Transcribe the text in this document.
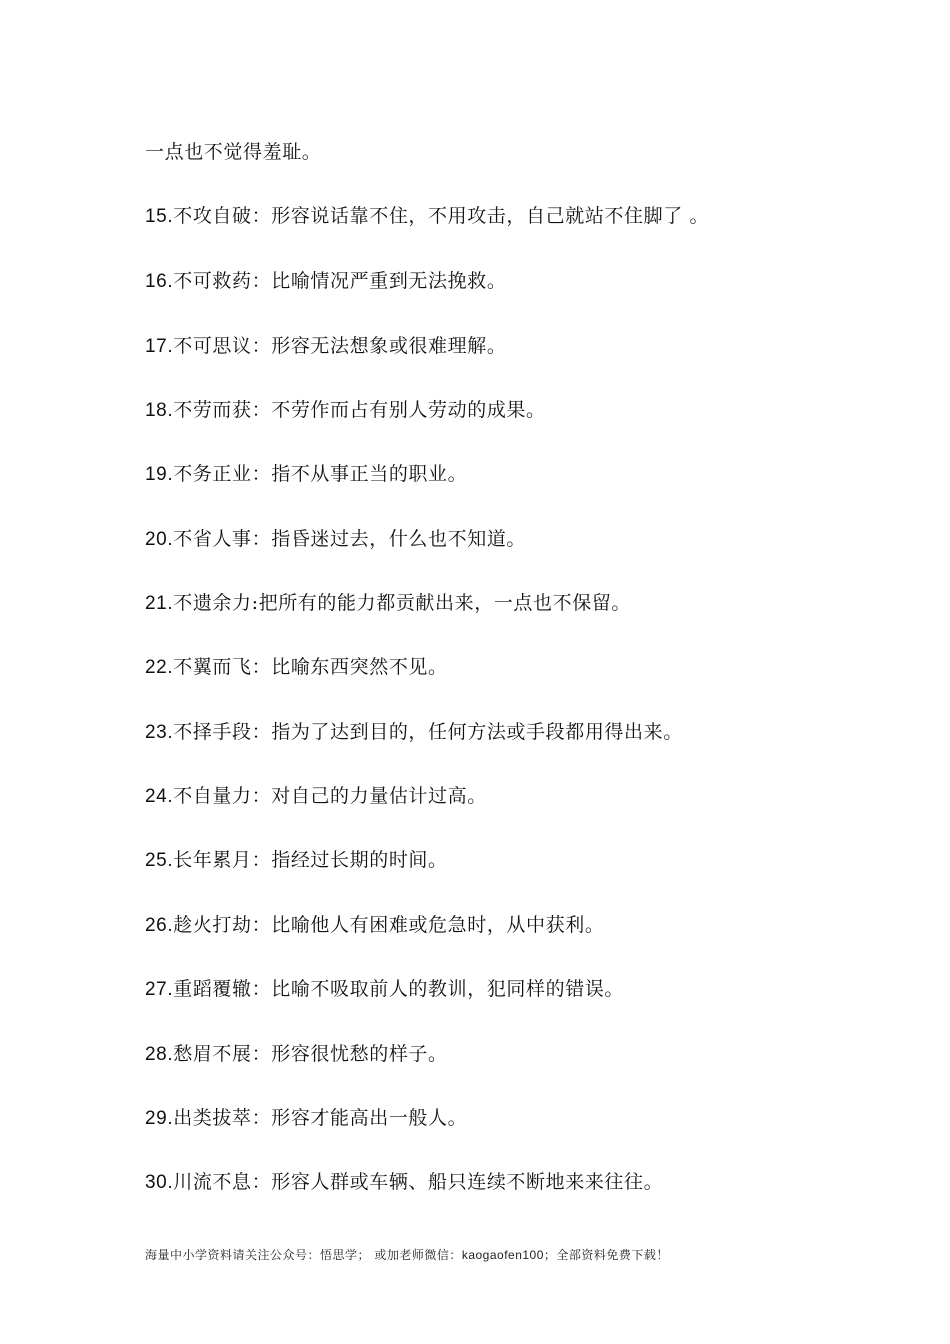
一点也不觉得羞耻。
15.不攻自破：形容说话靠不住，不用攻击，自己就站不住脚了 。
16.不可救药：比喻情况严重到无法挽救。
17.不可思议：形容无法想象或很难理解。
18.不劳而获：不劳作而占有别人劳动的成果。
19.不务正业：指不从事正当的职业。
20.不省人事：指昏迷过去，什么也不知道。
21.不遗余力:把所有的能力都贡献出来，一点也不保留。
22.不翼而飞：比喻东西突然不见。
23.不择手段：指为了达到目的，任何方法或手段都用得出来。
24.不自量力：对自己的力量估计过高。
25.长年累月：指经过长期的时间。
26.趁火打劫：比喻他人有困难或危急时，从中获利。
27.重蹈覆辙：比喻不吸取前人的教训，犯同样的错误。
28.愁眉不展：形容很忧愁的样子。
29.出类拔萃：形容才能高出一般人。
30.川流不息：形容人群或车辆、船只连续不断地来来往往。
海量中小学资料请关注公众号：悟思学； 或加老师微信：kaogaofen100；全部资料免费下载！
